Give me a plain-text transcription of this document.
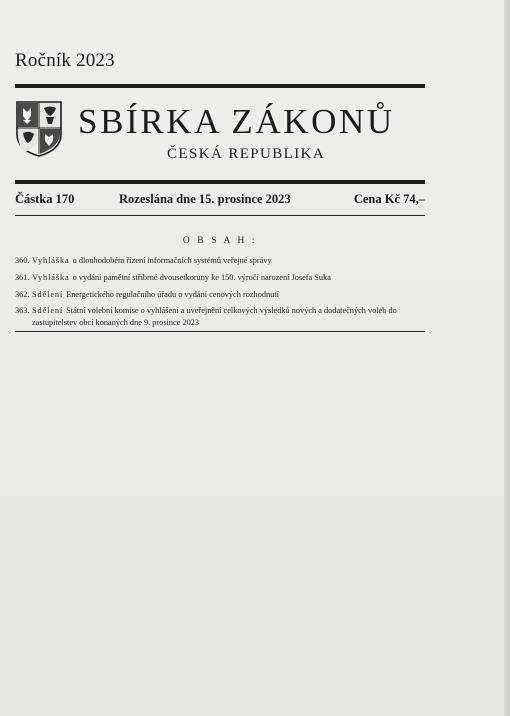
Ročník 2023
SBÍRKA ZÁKONŮ
ČESKÁ REPUBLIKA
Částka 170	Rozeslána dne 15. prosince 2023	Cena Kč 74,–
O B S A H :
360. Vyhláška o dlouhodobém řízení informačních systémů veřejné správy
361. Vyhláška o vydání pamětní stříbrné dvousetkoruny ke 150. výročí narození Josefa Suka
362. Sdělení Energetického regulačního úřadu o vydání cenových rozhodnutí
363. Sdělení Státní volební komise o vyhlášení a uveřejnění celkových výsledků nových a dodatečných voleb do zastupitelstev obcí konaných dne 9. prosince 2023
